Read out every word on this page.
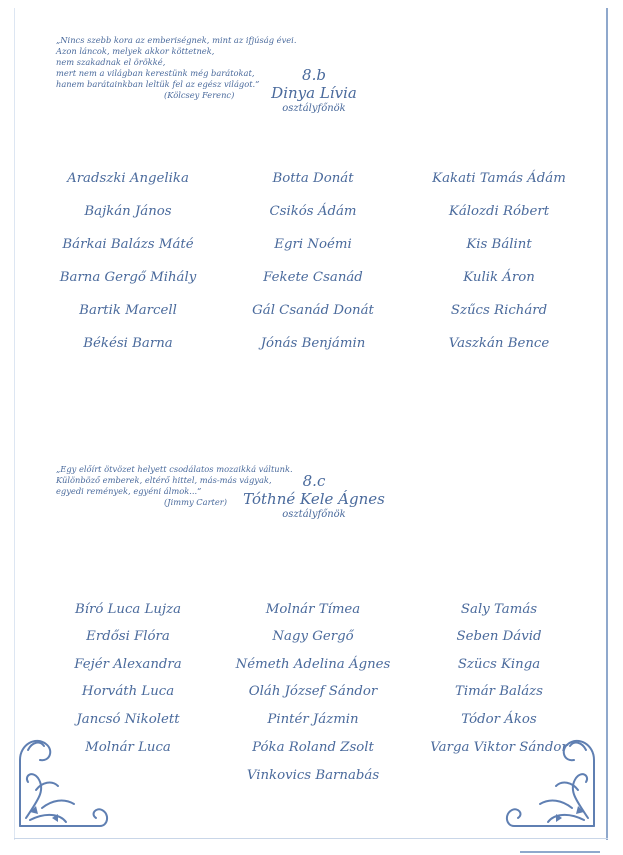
„Nincs szebb kora az emberiségnek, mint az ifjúság évei.
Azon láncok, melyek akkor köttetnek,
nem szakadnak el örökké,
mert nem a világban kerestünk még barátokat,
hanem barátainkban leltük fel az egész világot.”
(Kölcsey Ferenc)
8.b
Dinya Lívia
osztályfőnök
Aradszki Angelika
Bajkán János
Bárkai Balázs Máté
Barna Gergő Mihály
Bartik Marcell
Békési Barna
Botta Donát
Csikós Ádám
Egri Noémi
Fekete Csanád
Gál Csanád Donát
Jónás Benjámin
Kakati Tamás Ádám
Kálozdi Róbert
Kis Bálint
Kulik Áron
Szűcs Richárd
Vaszkán Bence
„Egy előírt ötvözet helyett csodálatos mozaikká váltunk.
Különböző emberek, eltérő hittel, más-más vágyak,
egyedi remények, egyéni álmok...”
(Jimmy Carter)
8.c
Tóthné Kele Ágnes
osztályfőnök
Bíró Luca Lujza
Erdősi Flóra
Fejér Alexandra
Horváth Luca
Jancsó Nikolett
Molnár Luca
Molnár Tímea
Nagy Gergő
Németh Adelina Ágnes
Oláh József Sándor
Pintér Jázmin
Póka Roland Zsolt
Vinkovics Barnabás
Saly Tamás
Seben Dávid
Szücs Kinga
Timár Balázs
Tódor Ákos
Varga Viktor Sándor
